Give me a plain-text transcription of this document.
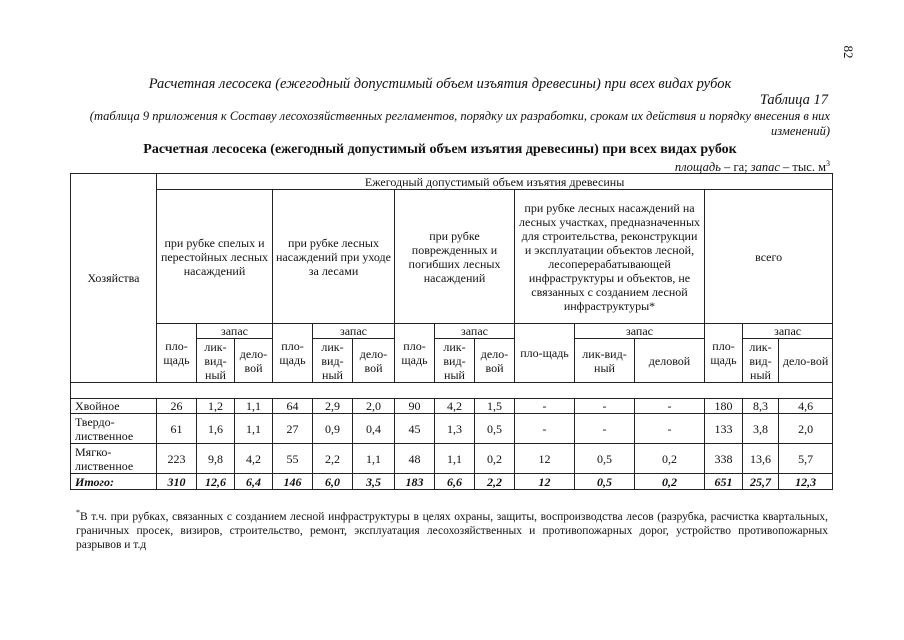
82
Расчетная лесосека (ежегодный допустимый объем изъятия древесины) при всех видах рубок
Таблица 17
(таблица 9 приложения к Составу лесохозяйственных регламентов, порядку их разработки, срокам их действия и порядку внесения в них изменений)
Расчетная лесосека (ежегодный допустимый объем изъятия древесины) при всех видах рубок
площадь – га; запас – тыс. $м^3$
Хозяйства	Ежегодный допустимый объем изъятия древесины														
	при рубке спелых и перестойных лесных насаждений			при рубке лесных насаждений при уходе за лесами			при рубке поврежденных и погибших лесных насаждений			при рубке лесных насаждений на лесных участках, предназначенных для строительства, реконструкции и эксплуатации объектов лесной, лесоперерабатывающей инфраструктуры и объектов, не связанных с созданием лесной инфраструктуры*			всего		
	пло-щадь	запас		пло-щадь	запас		пло-щадь	запас		пло-щадь	запас		пло-щадь	запас	
		лик-вид-ный	дело-вой		лик-вид-ный	дело-вой		лик-вид-ный	дело-вой		лик-вид-ный	деловой		лик-вид-ный	дело-вой

Хвойное	26	1,2	1,1	64	2,9	2,0	90	4,2	1,5	-	-	-	180	8,3	4,6
Твердо-лиственное	61	1,6	1,1	27	0,9	0,4	45	1,3	0,5	-	-	-	133	3,8	2,0
Мягко-лиственное	223	9,8	4,2	55	2,2	1,1	48	1,1	0,2	12	0,5	0,2	338	13,6	5,7
Итого:	310	12,6	6,4	146	6,0	3,5	183	6,6	2,2	12	0,5	0,2	651	25,7	12,3
*В т.ч. при рубках, связанных с созданием лесной инфраструктуры в целях охраны, защиты, воспроизводства лесов (разрубка, расчистка квартальных, граничных просек, визиров, строительство, ремонт, эксплуатация лесохозяйственных и противопожарных дорог, устройство противопожарных разрывов и т.д
